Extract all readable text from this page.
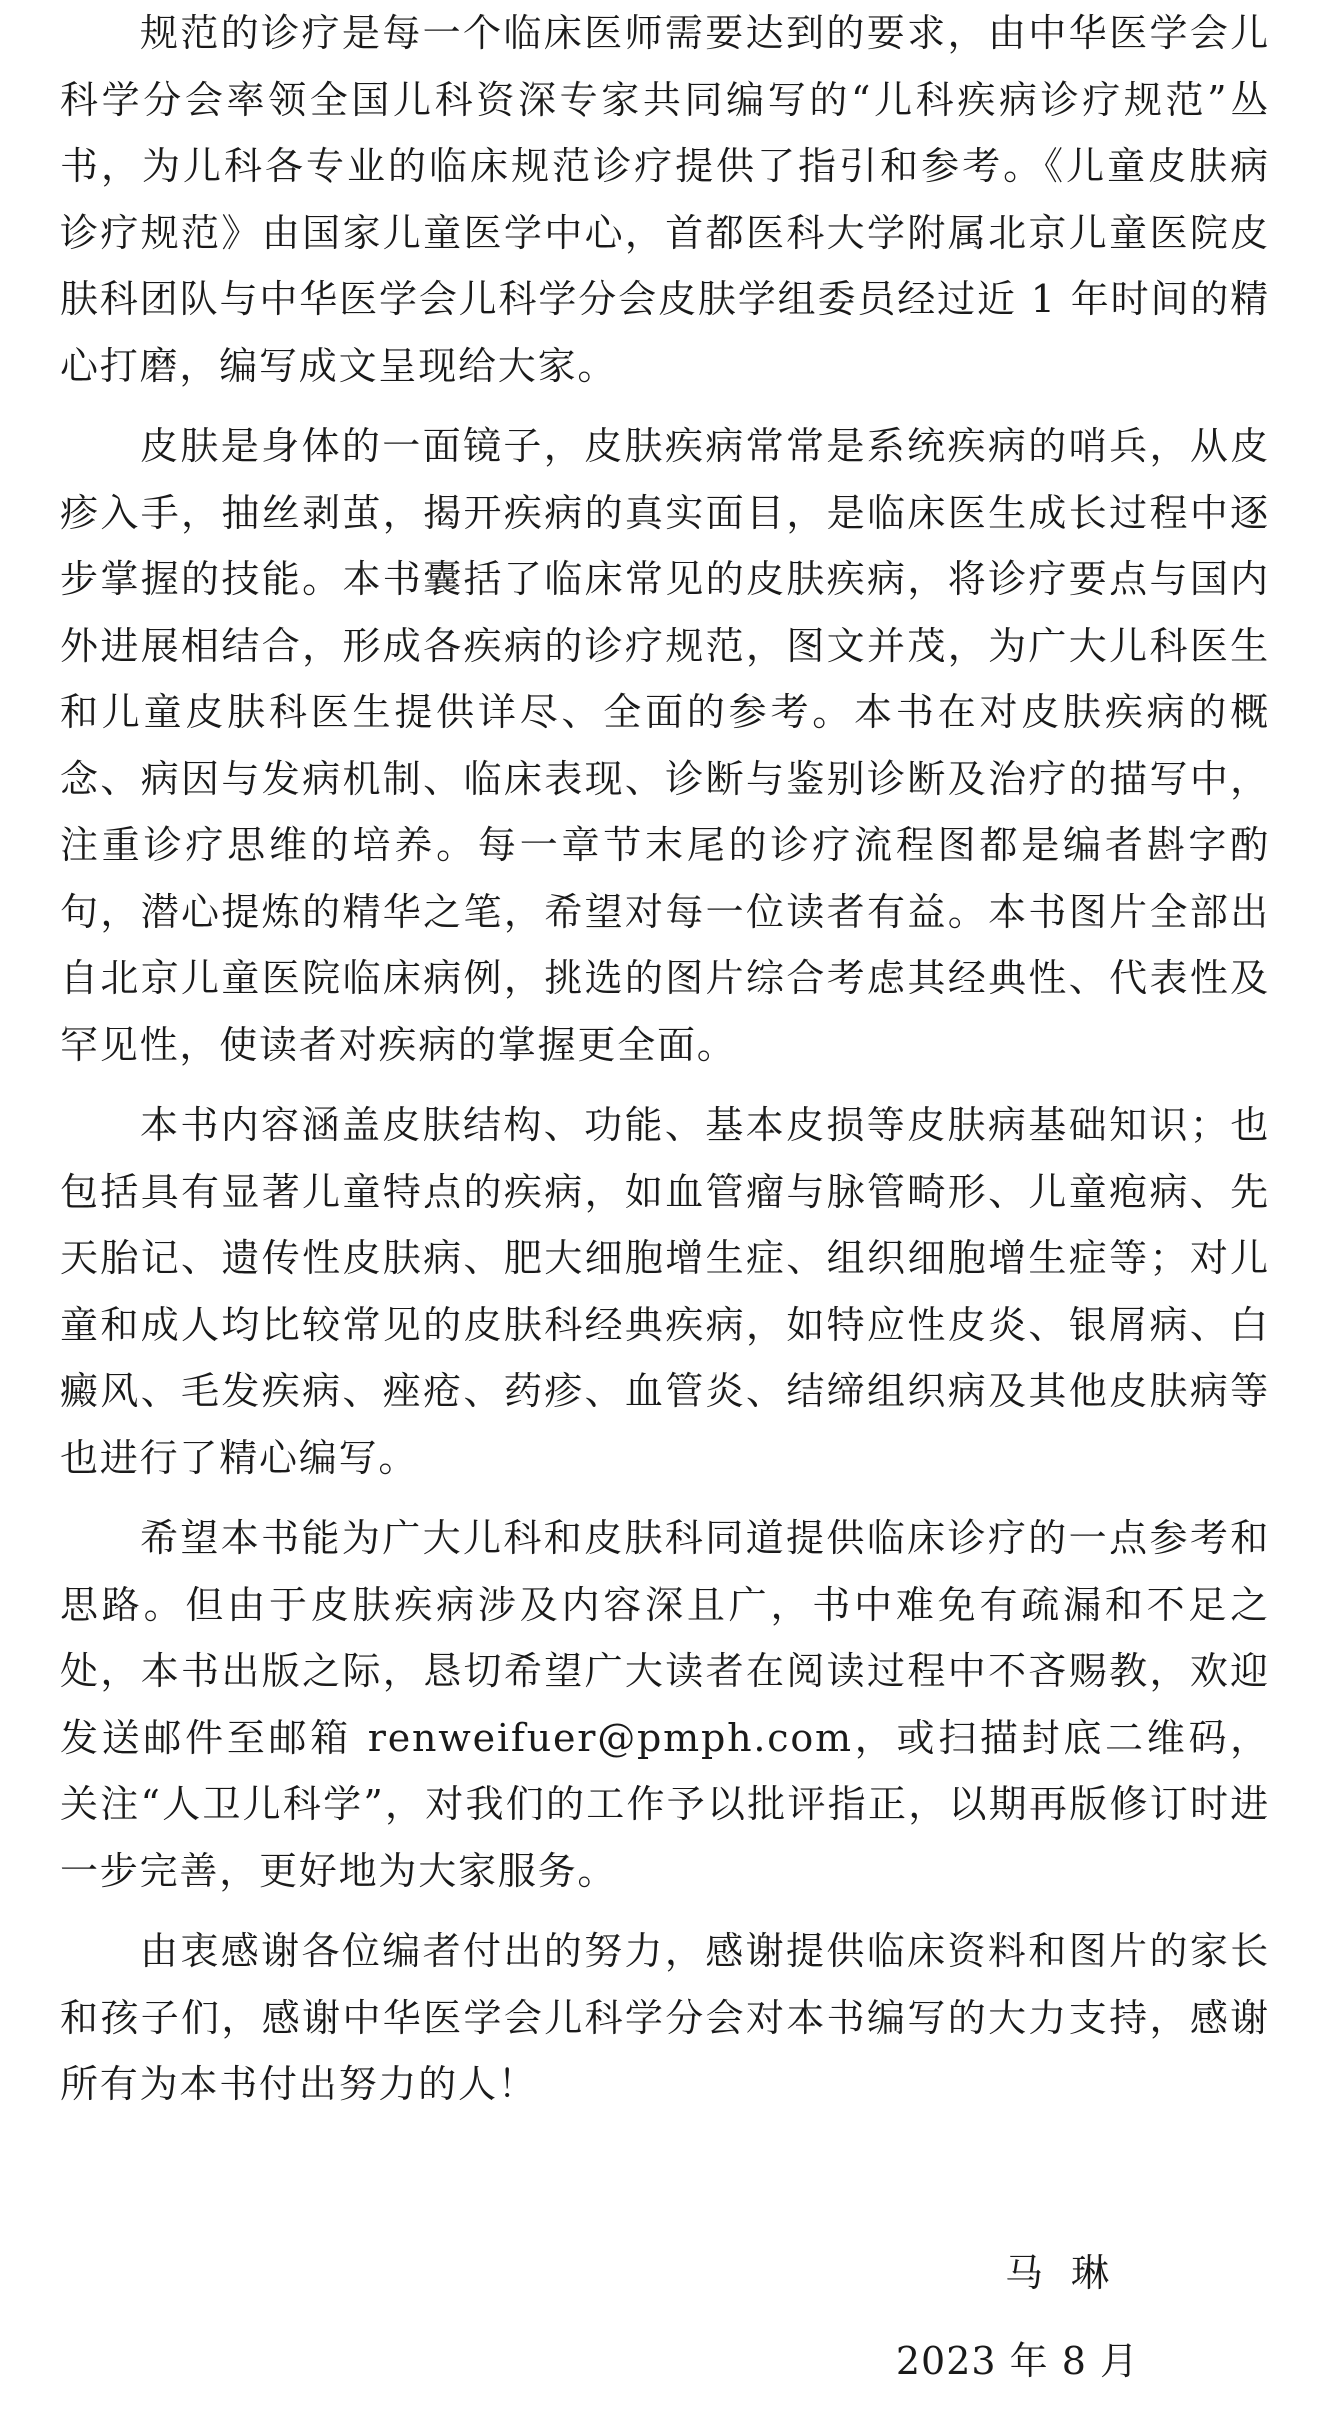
规范的诊疗是每一个临床医师需要达到的要求，由中华医学会儿科学分会率领全国儿科资深专家共同编写的“儿科疾病诊疗规范”丛书，为儿科各专业的临床规范诊疗提供了指引和参考。《儿童皮肤病诊疗规范》由国家儿童医学中心，首都医科大学附属北京儿童医院皮肤科团队与中华医学会儿科学分会皮肤学组委员经过近 1 年时间的精心打磨，编写成文呈现给大家。

皮肤是身体的一面镜子，皮肤疾病常常是系统疾病的哨兵，从皮疹入手，抽丝剥茧，揭开疾病的真实面目，是临床医生成长过程中逐步掌握的技能。本书囊括了临床常见的皮肤疾病，将诊疗要点与国内外进展相结合，形成各疾病的诊疗规范，图文并茂，为广大儿科医生和儿童皮肤科医生提供详尽、全面的参考。本书在对皮肤疾病的概念、病因与发病机制、临床表现、诊断与鉴别诊断及治疗的描写中，注重诊疗思维的培养。每一章节末尾的诊疗流程图都是编者斟字酌句，潜心提炼的精华之笔，希望对每一位读者有益。本书图片全部出自北京儿童医院临床病例，挑选的图片综合考虑其经典性、代表性及罕见性，使读者对疾病的掌握更全面。

本书内容涵盖皮肤结构、功能、基本皮损等皮肤病基础知识；也包括具有显著儿童特点的疾病，如血管瘤与脉管畸形、儿童疱病、先天胎记、遗传性皮肤病、肥大细胞增生症、组织细胞增生症等；对儿童和成人均比较常见的皮肤科经典疾病，如特应性皮炎、银屑病、白癜风、毛发疾病、痤疮、药疹、血管炎、结缔组织病及其他皮肤病等也进行了精心编写。

希望本书能为广大儿科和皮肤科同道提供临床诊疗的一点参考和思路。但由于皮肤疾病涉及内容深且广，书中难免有疏漏和不足之处，本书出版之际，恳切希望广大读者在阅读过程中不吝赐教，欢迎发送邮件至邮箱 renweifuer@pmph.com，或扫描封底二维码，关注“人卫儿科学”，对我们的工作予以批评指正，以期再版修订时进一步完善，更好地为大家服务。

由衷感谢各位编者付出的努力，感谢提供临床资料和图片的家长和孩子们，感谢中华医学会儿科学分会对本书编写的大力支持，感谢所有为本书付出努力的人！

马琳
2023 年 8 月
